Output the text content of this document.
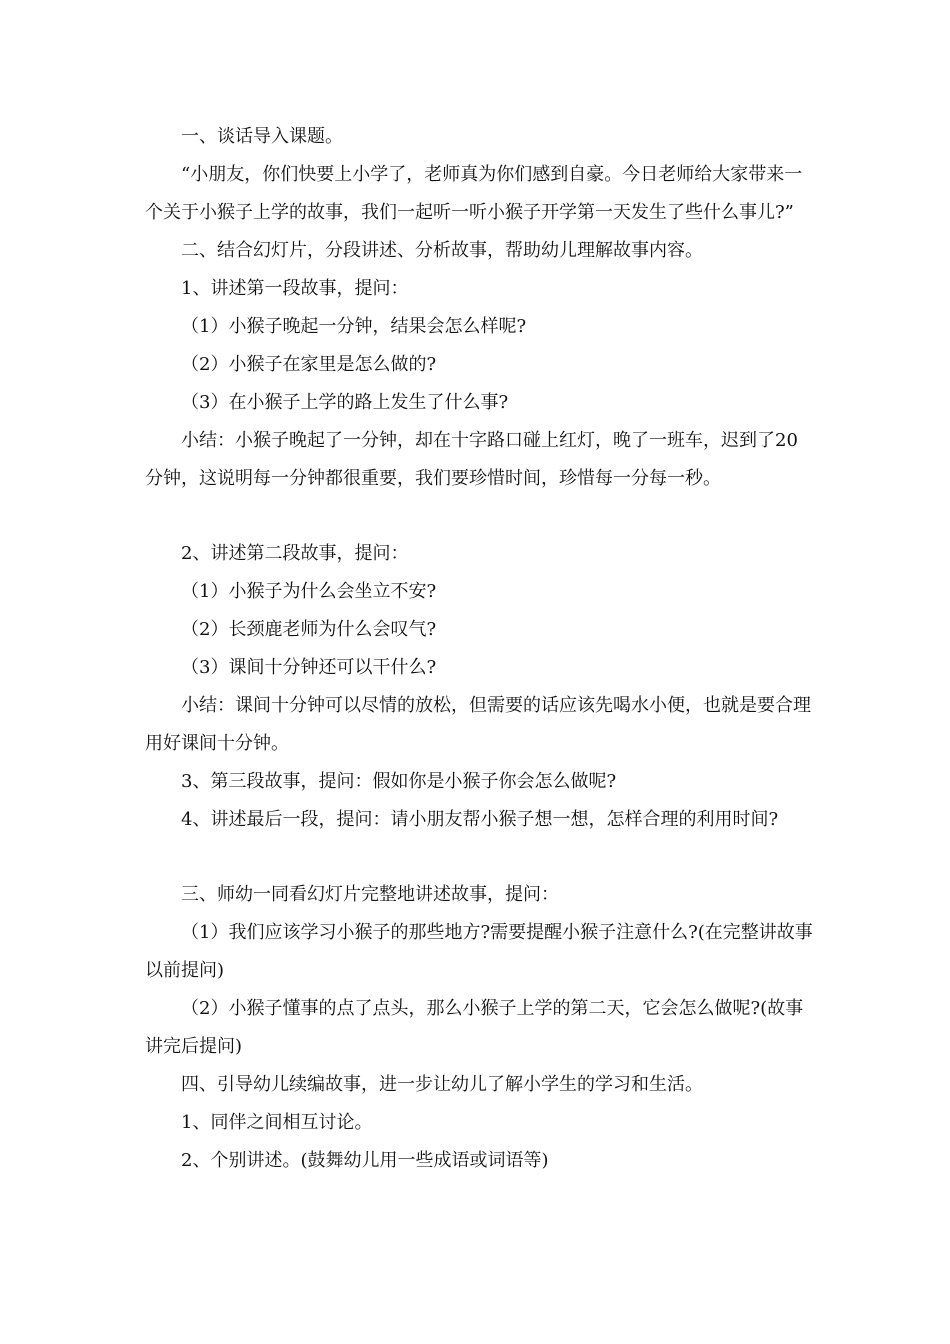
一、谈话导入课题。

“小朋友，你们快要上小学了，老师真为你们感到自豪。今日老师给大家带来一个关于小猴子上学的故事，我们一起听一听小猴子开学第一天发生了些什么事儿?”

二、结合幻灯片，分段讲述、分析故事，帮助幼儿理解故事内容。

1、讲述第一段故事，提问：

（1）小猴子晚起一分钟，结果会怎么样呢?

（2）小猴子在家里是怎么做的?

（3）在小猴子上学的路上发生了什么事?

小结：小猴子晚起了一分钟，却在十字路口碰上红灯，晚了一班车，迟到了20分钟，这说明每一分钟都很重要，我们要珍惜时间，珍惜每一分每一秒。

2、讲述第二段故事，提问：

（1）小猴子为什么会坐立不安?

（2）长颈鹿老师为什么会叹气?

（3）课间十分钟还可以干什么?

小结：课间十分钟可以尽情的放松，但需要的话应该先喝水小便，也就是要合理用好课间十分钟。

3、第三段故事，提问：假如你是小猴子你会怎么做呢?

4、讲述最后一段，提问：请小朋友帮小猴子想一想，怎样合理的利用时间?

三、师幼一同看幻灯片完整地讲述故事，提问：

（1）我们应该学习小猴子的那些地方?需要提醒小猴子注意什么?(在完整讲故事以前提问)

（2）小猴子懂事的点了点头，那么小猴子上学的第二天，它会怎么做呢?(故事讲完后提问)

四、引导幼儿续编故事，进一步让幼儿了解小学生的学习和生活。

1、同伴之间相互讨论。

2、个别讲述。(鼓舞幼儿用一些成语或词语等)
